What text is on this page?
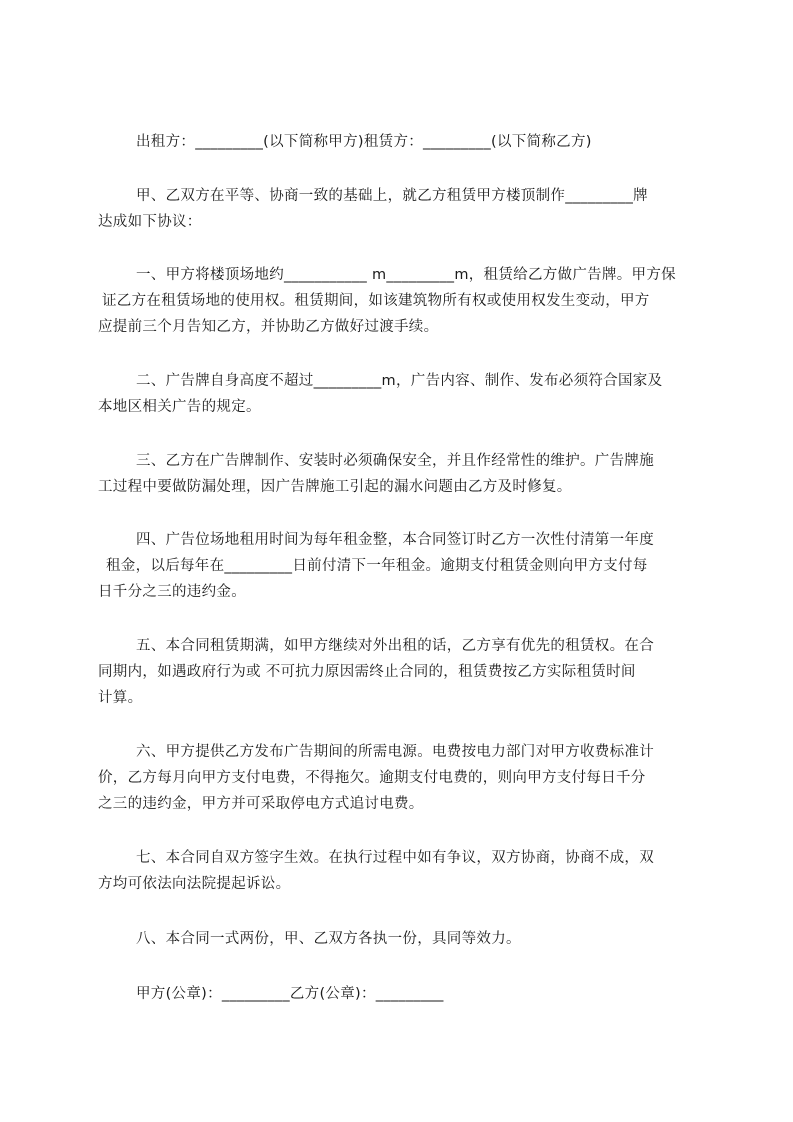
出租方：_________(以下简称甲方)租赁方：_________(以下简称乙方)
甲、乙双方在平等、协商一致的基础上，就乙方租赁甲方楼顶制作_________牌
达成如下协议：
一、甲方将楼顶场地约___________ m_________m，租赁给乙方做广告牌。甲方保
证乙方在租赁场地的使用权。租赁期间，如该建筑物所有权或使用权发生变动，甲方
应提前三个月告知乙方，并协助乙方做好过渡手续。
二、广告牌自身高度不超过_________m，广告内容、制作、发布必须符合国家及
本地区相关广告的规定。
三、乙方在广告牌制作、安装时必须确保安全，并且作经常性的维护。广告牌施
工过程中要做防漏处理，因广告牌施工引起的漏水问题由乙方及时修复。
四、广告位场地租用时间为每年租金整，本合同签订时乙方一次性付清第一年度
租金，以后每年在_________日前付清下一年租金。逾期支付租赁金则向甲方支付每
日千分之三的违约金。
五、本合同租赁期满，如甲方继续对外出租的话，乙方享有优先的租赁权。在合
同期内，如遇政府行为或 不可抗力原因需终止合同的，租赁费按乙方实际租赁时间
计算。
六、甲方提供乙方发布广告期间的所需电源。电费按电力部门对甲方收费标准计
价，乙方每月向甲方支付电费，不得拖欠。逾期支付电费的，则向甲方支付每日千分
之三的违约金，甲方并可采取停电方式追讨电费。
七、本合同自双方签字生效。在执行过程中如有争议，双方协商，协商不成，双
方均可依法向法院提起诉讼。
八、本合同一式两份，甲、乙双方各执一份，具同等效力。
甲方(公章)：_________乙方(公章)：_________
